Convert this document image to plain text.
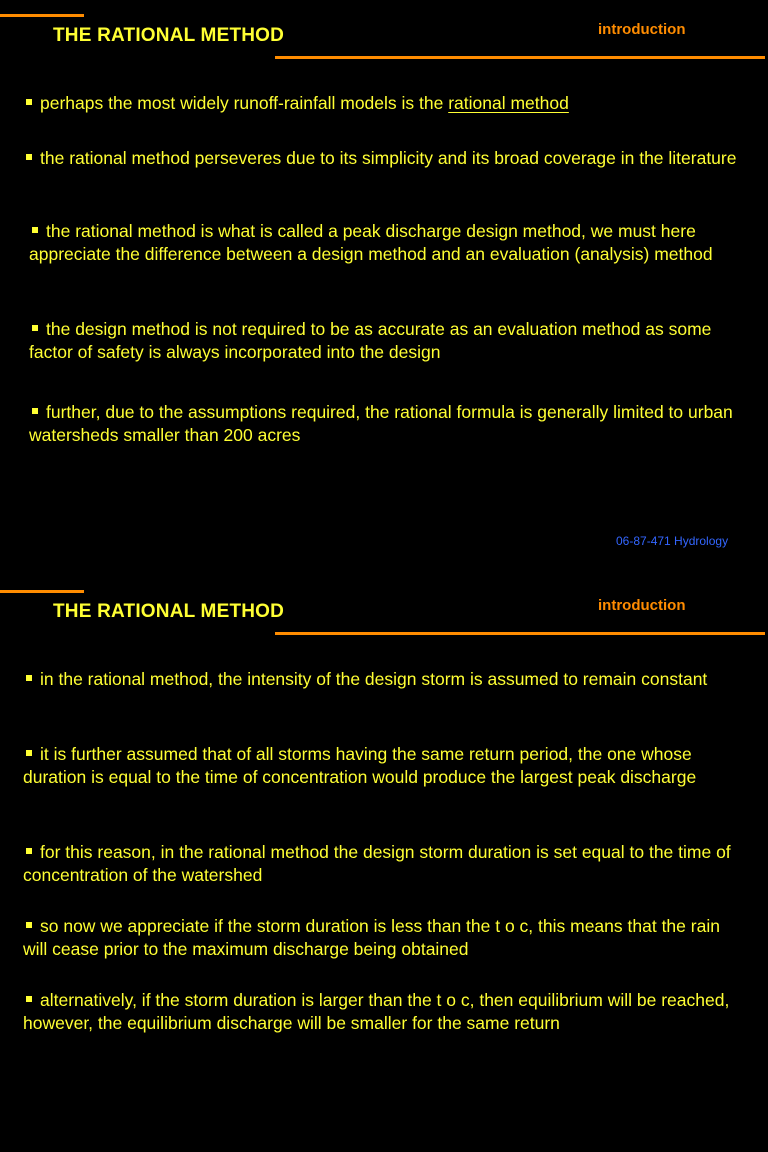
THE RATIONAL METHOD	introduction

perhaps the most widely runoff-rainfall models is the rational method

the rational method perseveres due to its simplicity and its broad coverage in the literature

the rational method is what is called a peak discharge design method, we must here appreciate the difference between a design method and an evaluation (analysis) method

the design method is not required to be as accurate as an evaluation method as some factor of safety is always incorporated into the design

further, due to the assumptions required, the rational formula is generally limited to urban watersheds smaller than 200 acres

06-87-471 Hydrology
THE RATIONAL METHOD	introduction

in the rational method, the intensity of the design storm is assumed to remain constant

it is further assumed that of all storms having the same return period, the one whose duration is equal to the time of concentration would produce the largest peak discharge

for this reason, in the rational method the design storm duration is set equal to the time of concentration of the watershed

so now we appreciate if the storm duration is less than the t o c, this means that the rain will cease prior to the maximum discharge being obtained

alternatively, if the storm duration is larger than the t o c, then equilibrium will be reached, however, the equilibrium discharge will be smaller for the same return
